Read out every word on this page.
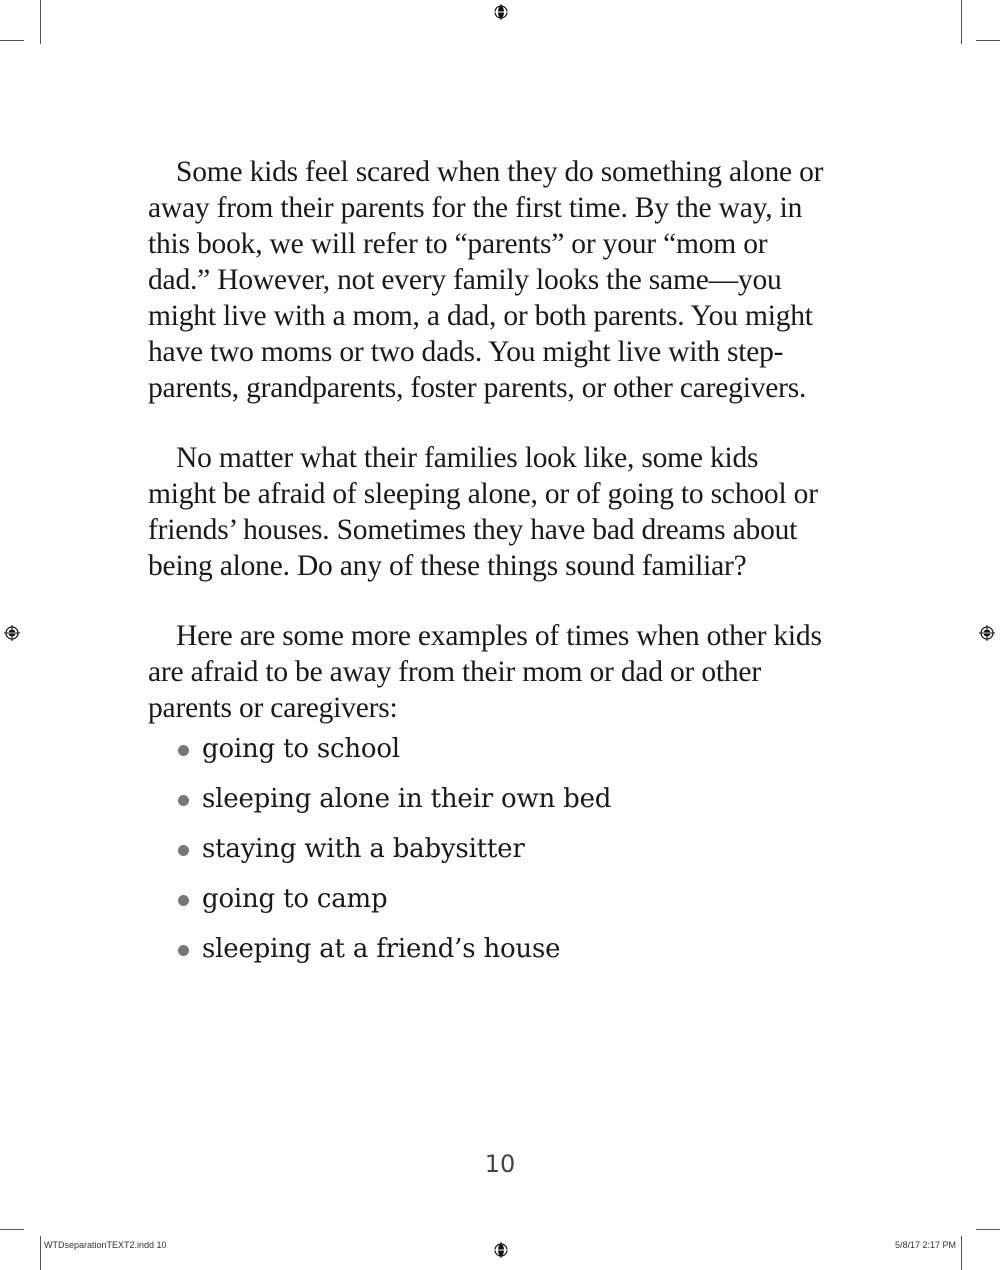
Some kids feel scared when they do something alone or away from their parents for the first time. By the way, in this book, we will refer to “parents” or your “mom or dad.” However, not every family looks the same—you might live with a mom, a dad, or both parents. You might have two moms or two dads. You might live with step-parents, grandparents, foster parents, or other caregivers.

No matter what their families look like, some kids might be afraid of sleeping alone, or of going to school or friends’ houses. Sometimes they have bad dreams about being alone. Do any of these things sound familiar?

Here are some more examples of times when other kids are afraid to be away from their mom or dad or other parents or caregivers:

going to school
sleeping alone in their own bed
staying with a babysitter
going to camp
sleeping at a friend’s house
10
WTDseparationTEXT2.indd 10	5/8/17 2:17 PM
